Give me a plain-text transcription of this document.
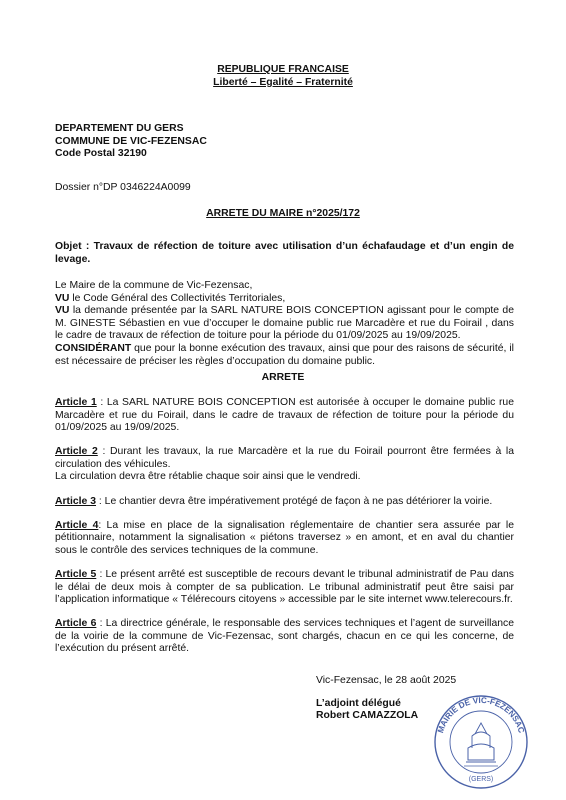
REPUBLIQUE FRANCAISE
Liberté – Egalité – Fraternité
DEPARTEMENT DU GERS
COMMUNE DE VIC-FEZENSAC
Code Postal 32190
Dossier n°DP 0346224A0099
ARRETE DU MAIRE n°2025/172
Objet : Travaux de réfection de toiture avec utilisation d’un échafaudage et d’un engin de levage.

Le Maire de la commune de Vic-Fezensac,

VU le Code Général des Collectivités Territoriales,

VU la demande présentée par la SARL NATURE BOIS CONCEPTION agissant pour le compte de M. GINESTE Sébastien en vue d’occuper le domaine public rue Marcadère et rue du Foirail , dans le cadre de travaux de réfection de toiture pour la période du 01/09/2025 au 19/09/2025.

CONSIDÉRANT que pour la bonne exécution des travaux, ainsi que pour des raisons de sécurité, il est nécessaire de préciser les règles d’occupation du domaine public.

ARRETE

Article 1 : La SARL NATURE BOIS CONCEPTION est autorisée à occuper le domaine public rue Marcadère et rue du Foirail, dans le cadre de travaux de réfection de toiture pour la période du 01/09/2025 au 19/09/2025.

Article 2 : Durant les travaux, la rue Marcadère et la rue du Foirail pourront être fermées à la circulation des véhicules.
La circulation devra être rétablie chaque soir ainsi que le vendredi.

Article 3 : Le chantier devra être impérativement protégé de façon à ne pas détériorer la voirie.

Article 4: La mise en place de la signalisation réglementaire de chantier sera assurée par le pétitionnaire, notamment la signalisation « piétons traversez » en amont, et en aval du chantier sous le contrôle des services techniques de la commune.

Article 5 : Le présent arrêté est susceptible de recours devant le tribunal administratif de Pau dans le délai de deux mois à compter de sa publication. Le tribunal administratif peut être saisi par l’application informatique « Télérecours citoyens » accessible par le site internet www.telerecours.fr.

Article 6 : La directrice générale, le responsable des services techniques et l’agent de surveillance de la voirie de la commune de Vic-Fezensac, sont chargés, chacun en ce qui les concerne, de l’exécution du présent arrêté.

Vic-Fezensac, le 28 août 2025
L’adjoint délégué
Robert CAMAZZOLA
MAIRIE DE VIC-FEZENSAC
(GERS)
